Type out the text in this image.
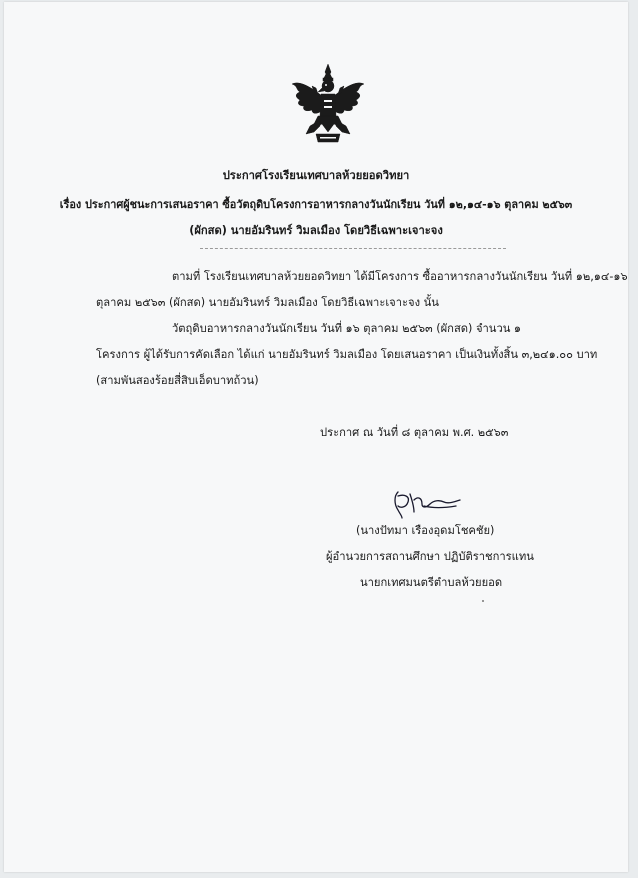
ประกาศโรงเรียนเทศบาลห้วยยอดวิทยา
เรื่อง ประกาศผู้ชนะการเสนอราคา ซื้อวัตถุดิบโครงการอาหารกลางวันนักเรียน วันที่ ๑๒,๑๔-๑๖ ตุลาคม ๒๕๖๓
(ผักสด) นายอัมรินทร์ วิมลเมือง โดยวิธีเฉพาะเจาะจง
ตามที่ โรงเรียนเทศบาลห้วยยอดวิทยา ได้มีโครงการ ซื้ออาหารกลางวันนักเรียน วันที่ ๑๒,๑๔-๑๖
ตุลาคม ๒๕๖๓ (ผักสด) นายอัมรินทร์ วิมลเมือง โดยวิธีเฉพาะเจาะจง นั้น
วัตถุดิบอาหารกลางวันนักเรียน วันที่ ๑๖ ตุลาคม ๒๕๖๓ (ผักสด) จำนวน ๑
โครงการ ผู้ได้รับการคัดเลือก ได้แก่ นายอัมรินทร์ วิมลเมือง โดยเสนอราคา เป็นเงินทั้งสิ้น ๓,๒๔๑.๐๐ บาท
(สามพันสองร้อยสี่สิบเอ็ดบาทถ้วน)
ประกาศ ณ วันที่ ๘ ตุลาคม พ.ศ. ๒๕๖๓
(นางปัทมา เรืองอุดมโชคชัย)
ผู้อำนวยการสถานศึกษา ปฏิบัติราชการแทน
นายกเทศมนตรีตำบลห้วยยอด
